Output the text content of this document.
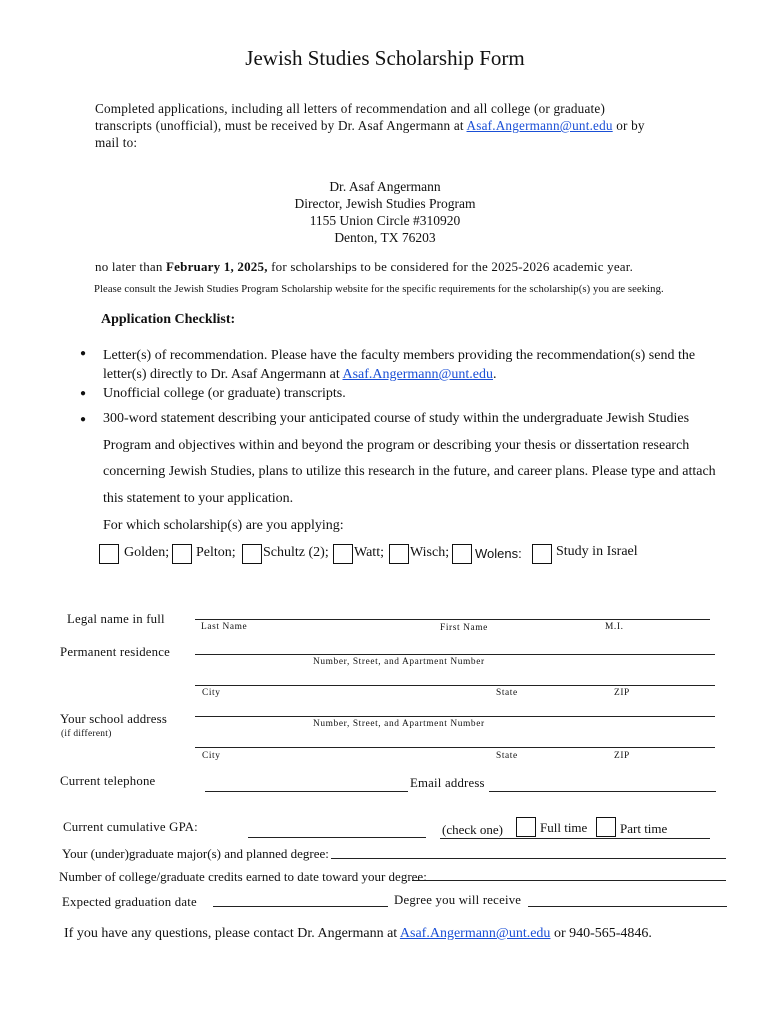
Jewish Studies Scholarship Form
Completed applications, including all letters of recommendation and all college (or graduate) transcripts (unofficial), must be received by Dr. Asaf Angermann at Asaf.Angermann@unt.edu or by mail to:
Dr. Asaf Angermann
Director, Jewish Studies Program
1155 Union Circle #310920
Denton, TX 76203
no later than February 1, 2025, for scholarships to be considered for the 2025-2026 academic year.
Please consult the Jewish Studies Program Scholarship website for the specific requirements for the scholarship(s) you are seeking.
Application Checklist:
● Letter(s) of recommendation. Please have the faculty members providing the recommendation(s) send the letter(s) directly to Dr. Asaf Angermann at Asaf.Angermann@unt.edu.
● Unofficial college (or graduate) transcripts.
● 300-word statement describing your anticipated course of study within the undergraduate Jewish Studies
Program and objectives within and beyond the program or describing your thesis or dissertation research
concerning Jewish Studies, plans to utilize this research in the future, and career plans. Please type and attach
this statement to your application.
For which scholarship(s) are you applying:
Golden; Pelton; Schultz (2); Watt; Wisch; Wolens: Study in Israel
Legal name in full
Last Name	First Name	M.I.
Permanent residence
Number, Street, and Apartment Number
City	State	ZIP
Your school address
(if different)
Number, Street, and Apartment Number
City	State	ZIP
Current telephone	Email address
Current cumulative GPA:	(check one)	Full time	Part time
Your (under)graduate major(s) and planned degree:
Number of college/graduate credits earned to date toward your degree:
Expected graduation date	Degree you will receive
If you have any questions, please contact Dr. Angermann at Asaf.Angermann@unt.edu or 940-565-4846.
